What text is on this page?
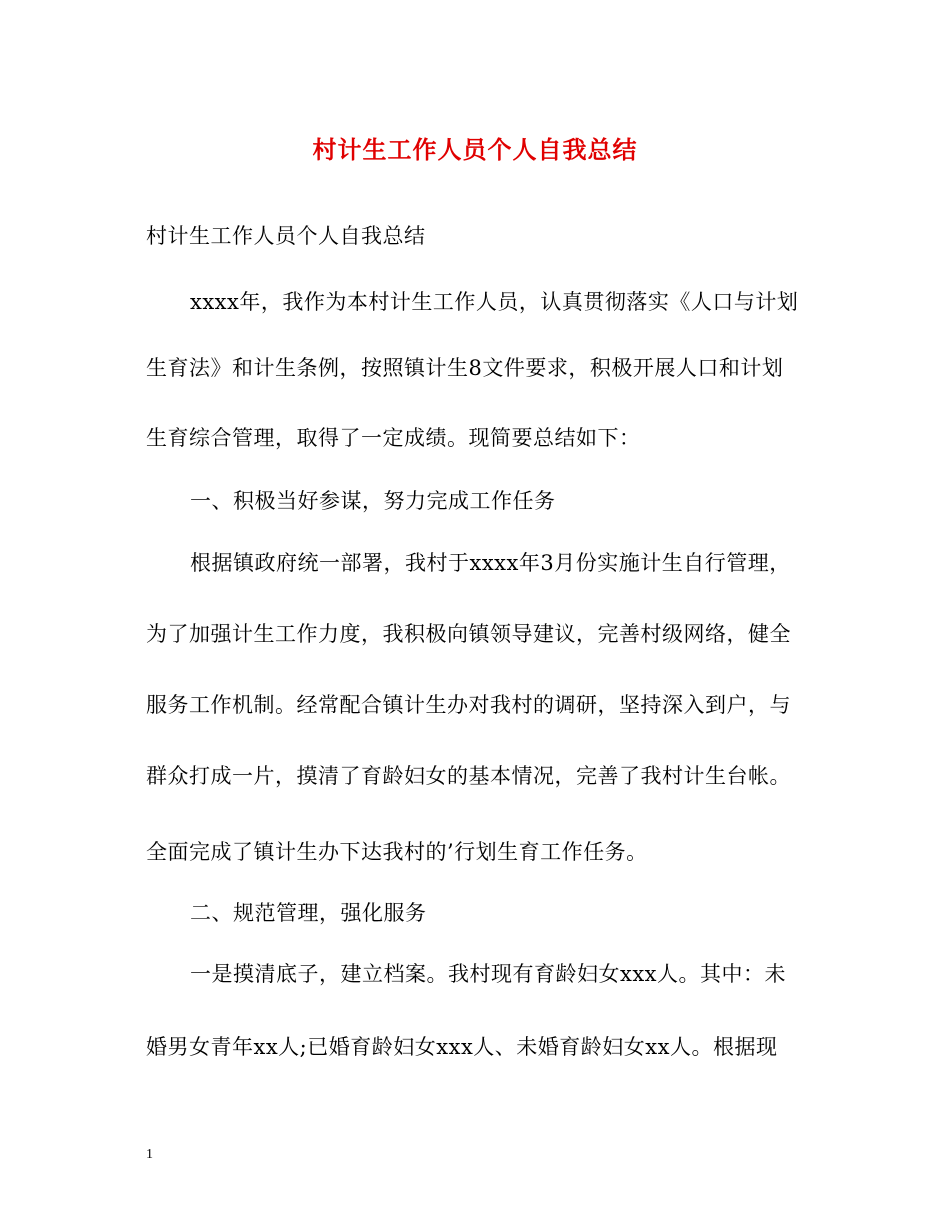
村计生工作人员个人自我总结
村计生工作人员个人自我总结
xxxx年，我作为本村计生工作人员，认真贯彻落实《人口与计划
生育法》和计生条例，按照镇计生8文件要求，积极开展人口和计划
生育综合管理，取得了一定成绩。现简要总结如下：
一、积极当好参谋，努力完成工作任务
根据镇政府统一部署，我村于xxxx年3月份实施计生自行管理，
为了加强计生工作力度，我积极向镇领导建议，完善村级网络，健全
服务工作机制。经常配合镇计生办对我村的调研，坚持深入到户，与
群众打成一片，摸清了育龄妇女的基本情况，完善了我村计生台帐。
全面完成了镇计生办下达我村的’行划生育工作任务。
二、规范管理，强化服务
一是摸清底子，建立档案。我村现有育龄妇女xxx人。其中：未
婚男女青年xx人;已婚育龄妇女xxx人、未婚育龄妇女xx人。根据现
1
